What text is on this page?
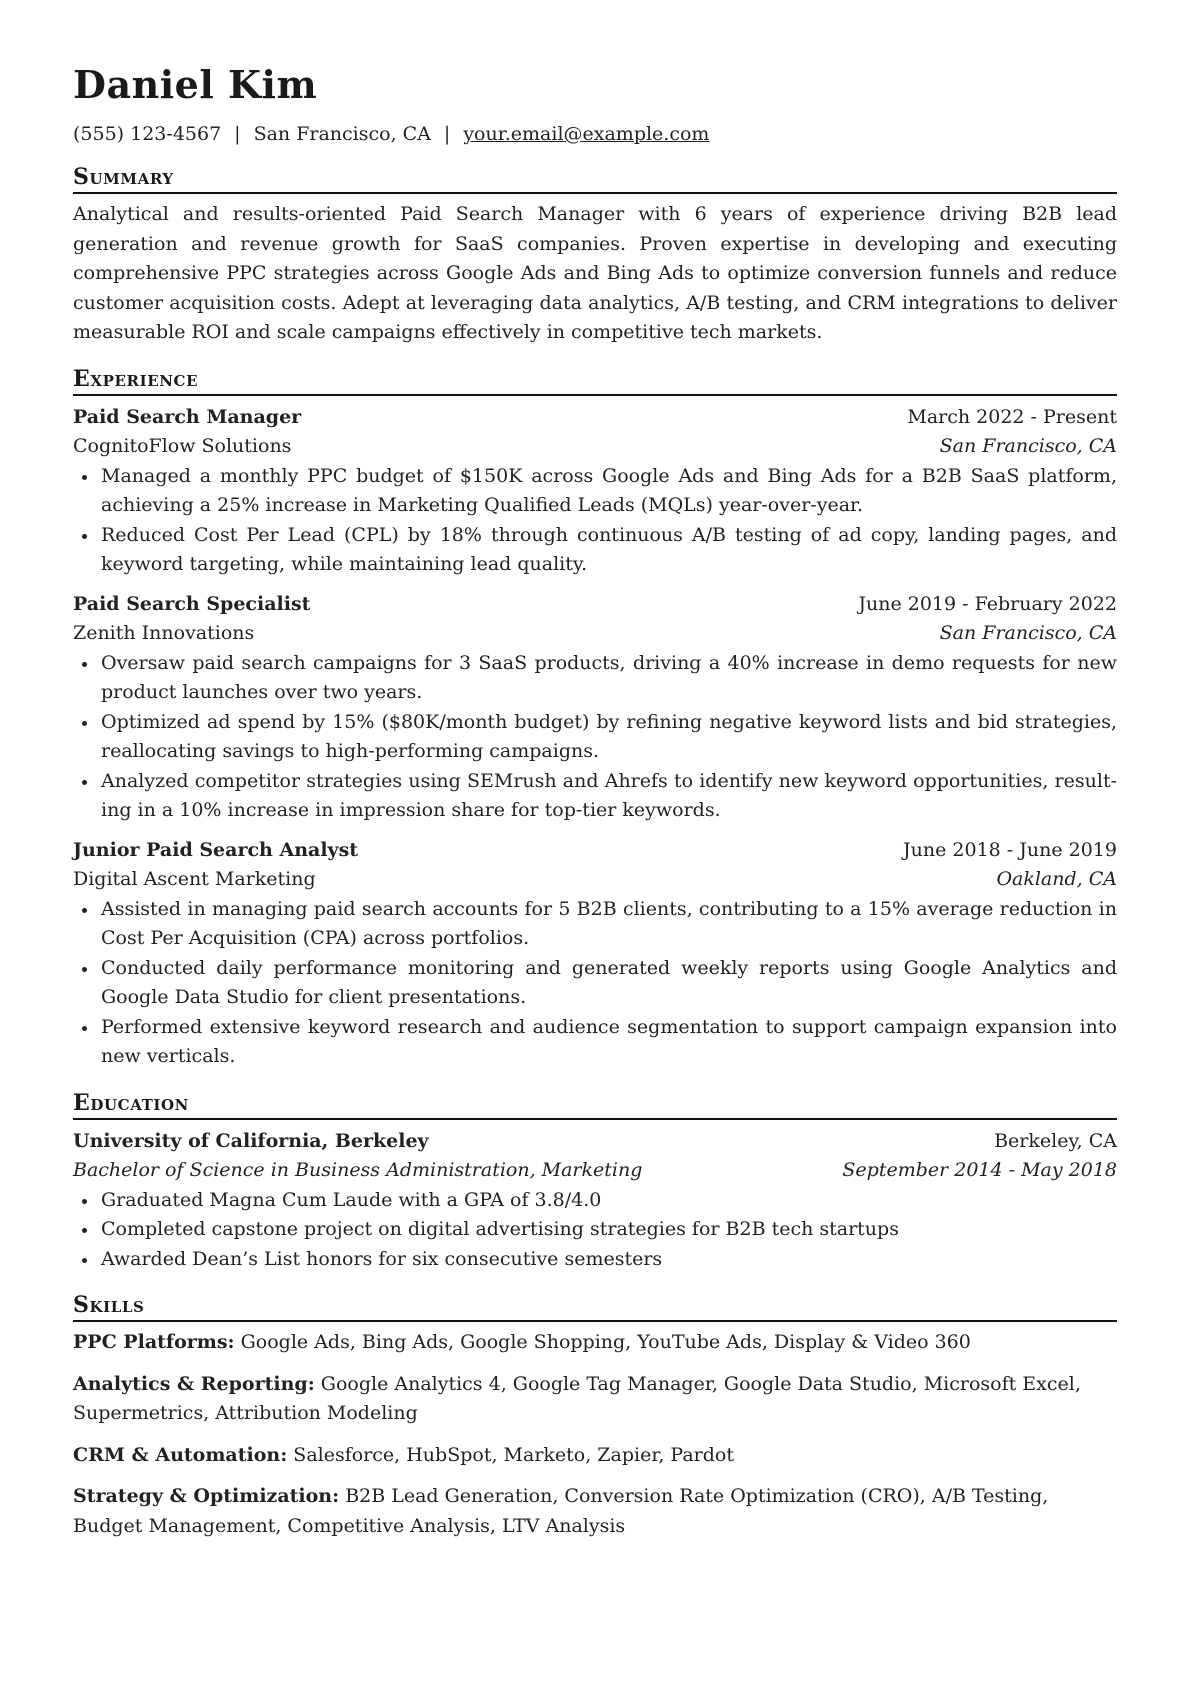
Daniel Kim
(555) 123-4567 | San Francisco, CA | your.email@example.com
Summary

Analytical and results-oriented Paid Search Manager with 6 years of experience driving B2B lead generation and revenue growth for SaaS companies. Proven expertise in developing and executing comprehensive PPC strategies across Google Ads and Bing Ads to optimize conversion funnels and reduce customer acquisition costs. Adept at leveraging data analytics, A/B testing, and CRM integrations to deliver measurable ROI and scale campaigns effectively in competitive tech markets.

Experience
Paid Search Manager	March 2022 - Present
CognitoFlow Solutions	San Francisco, CA
Managed a monthly PPC budget of $150K across Google Ads and Bing Ads for a B2B SaaS platform, achieving a 25% increase in Marketing Qualified Leads (MQLs) year-over-year.
Reduced Cost Per Lead (CPL) by 18% through continuous A/B testing of ad copy, landing pages, and keyword targeting, while maintaining lead quality.
Paid Search Specialist	June 2019 - February 2022
Zenith Innovations	San Francisco, CA
Oversaw paid search campaigns for 3 SaaS products, driving a 40% increase in demo requests for new product launches over two years.
Optimized ad spend by 15% ($80K/month budget) by refining negative keyword lists and bid strategies, reallocating savings to high-performing campaigns.
Analyzed competitor strategies using SEMrush and Ahrefs to identify new keyword opportunities, resulting in a 10% increase in impression share for top-tier keywords.
Junior Paid Search Analyst	June 2018 - June 2019
Digital Ascent Marketing	Oakland, CA
Assisted in managing paid search accounts for 5 B2B clients, contributing to a 15% average reduction in Cost Per Acquisition (CPA) across portfolios.
Conducted daily performance monitoring and generated weekly reports using Google Analytics and Google Data Studio for client presentations.
Performed extensive keyword research and audience segmentation to support campaign expansion into new verticals.
Education
University of California, Berkeley	Berkeley, CA
Bachelor of Science in Business Administration, Marketing	September 2014 - May 2018
Graduated Magna Cum Laude with a GPA of 3.8/4.0
Completed capstone project on digital advertising strategies for B2B tech startups
Awarded Dean’s List honors for six consecutive semesters
Skills
PPC Platforms: Google Ads, Bing Ads, Google Shopping, YouTube Ads, Display & Video 360
Analytics & Reporting: Google Analytics 4, Google Tag Manager, Google Data Studio, Microsoft Excel, Supermetrics, Attribution Modeling
CRM & Automation: Salesforce, HubSpot, Marketo, Zapier, Pardot
Strategy & Optimization: B2B Lead Generation, Conversion Rate Optimization (CRO), A/B Testing, Budget Management, Competitive Analysis, LTV Analysis
